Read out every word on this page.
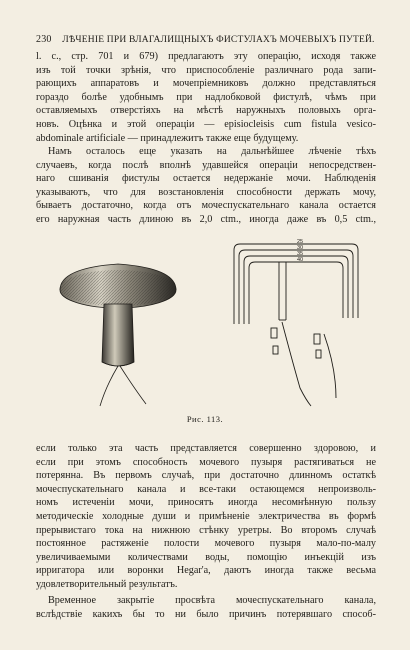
230 ЛѢЧЕНІЕ ПРИ ВЛАГАЛИЩНЫХЪ ФИСТУЛАХЪ МОЧЕВЫХЪ ПУТЕЙ.
l. c., стр. 701 и 679) предлагаютъ эту операцію, исходя также
изъ той точки зрѣнія, что приспособленіе различнаго рода запи-
рающихъ аппаратовъ и мочепріемниковъ должно представляться
гораздо болѣе удобнымъ при надлобковой фистулѣ, чѣмъ при
оставляемыхъ отверстіяхъ на мѣстѣ наружныхъ половыхъ орга-
новъ. Оцѣнка и этой операціи — episiocleisis cum fistula vesico-
abdominale artificiale — принадлежитъ также еще будущему.
Намъ осталось еще указать на дальнѣйшее лѣченіе тѣхъ
случаевъ, когда послѣ вполнѣ удавшейся операціи непосредствен-
наго сшиванія фистулы остается недержаніе мочи. Наблюденія
указываютъ, что для возстановленія способности держать мочу,
бываетъ достаточно, когда отъ мочеспускательнаго канала остается
его наружная часть длиною въ 2,0 ctm., иногда даже въ 0,5 ctm.,
25
30
35
40
Рис. 113.
если только эта часть представляется совершенно здоровою, и
если при этомъ способность мочевого пузыря растягиваться не
потерянна. Въ первомъ случаѣ, при достаточно длинномъ остаткѣ
мочеспускательнаго канала и все-таки остающемся непроизволь-
номъ истеченіи мочи, приносятъ иногда несомнѣнную пользу
методическіе холодные души и примѣненіе электричества въ формѣ
прерывистаго тока на нижнюю стѣнку уретры. Во второмъ случаѣ
постоянное растяженіе полости мочевого пузыря мало-по-малу
увеличиваемыми количествами воды, помощію инъекцій изъ
ирригатора или воронки Hegar'а, даютъ иногда также весьма
удовлетворительный результатъ.
Временное закрытіе просвѣта мочеспускательнаго канала,
вслѣдствіе какихъ бы то ни было причинъ потерявшаго способ-
